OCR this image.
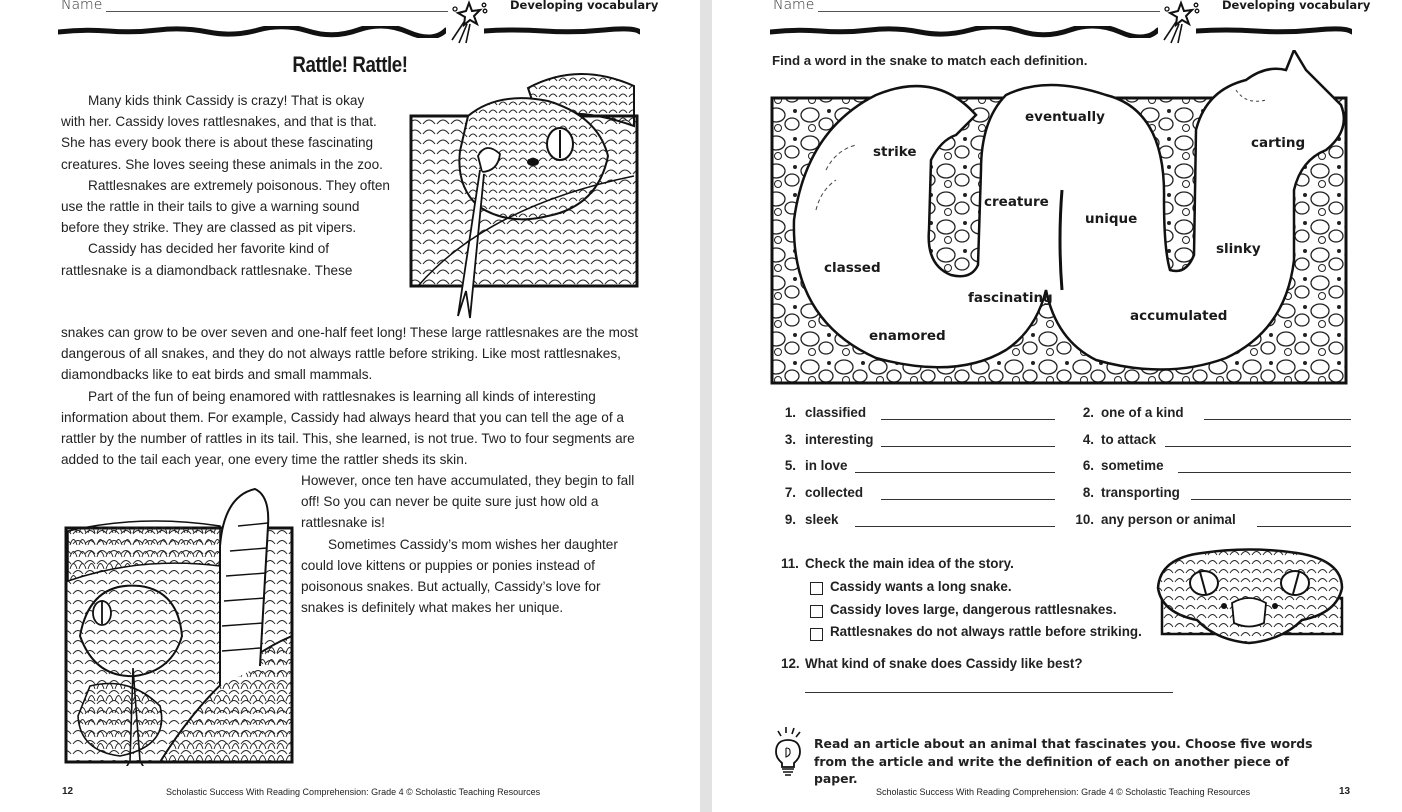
Name	Developing vocabulary
Rattle! Rattle!

Many kids think Cassidy is crazy! That is okay with her. Cassidy loves rattlesnakes, and that is that. She has every book there is about these fascinating creatures. She loves seeing these animals in the zoo.

Rattlesnakes are extremely poisonous. They often use the rattle in their tails to give a warning sound before they strike. They are classed as pit vipers.

Cassidy has decided her favorite kind of rattlesnake is a diamondback rattlesnake. These

snakes can grow to be over seven and one-half feet long! These large rattlesnakes are the most dangerous of all snakes, and they do not always rattle before striking. Like most rattlesnakes, diamondbacks like to eat birds and small mammals.

Part of the fun of being enamored with rattlesnakes is learning all kinds of interesting information about them. For example, Cassidy had always heard that you can tell the age of a rattler by the number of rattles in its tail. This, she learned, is not true. Two to four segments are added to the tail each year, one every time the rattler sheds its skin.

However, once ten have accumulated, they begin to fall off! So you can never be quite sure just how old a rattlesnake is!

Sometimes Cassidy’s mom wishes her daughter could love kittens or puppies or ponies instead of poisonous snakes. But actually, Cassidy’s love for snakes is definitely what makes her unique.

12	Scholastic Success With Reading Comprehension: Grade 4 © Scholastic Teaching Resources
Name	Developing vocabulary
Find a word in the snake to match each definition.
eventually
strike
carting
creature
unique
slinky
classed
fascinating
accumulated
enamored
1. classified	2. one of a kind
3. interesting	4. to attack
5. in love	6. sometime
7. collected	8. transporting
9. sleek	10. any person or animal
11. Check the main idea of the story.
Cassidy wants a long snake.
Cassidy loves large, dangerous rattlesnakes.
Rattlesnakes do not always rattle before striking.
12. What kind of snake does Cassidy like best?
Read an article about an animal that fascinates you. Choose five words from the article and write the definition of each on another piece of paper.
Scholastic Success With Reading Comprehension: Grade 4 © Scholastic Teaching Resources	13
